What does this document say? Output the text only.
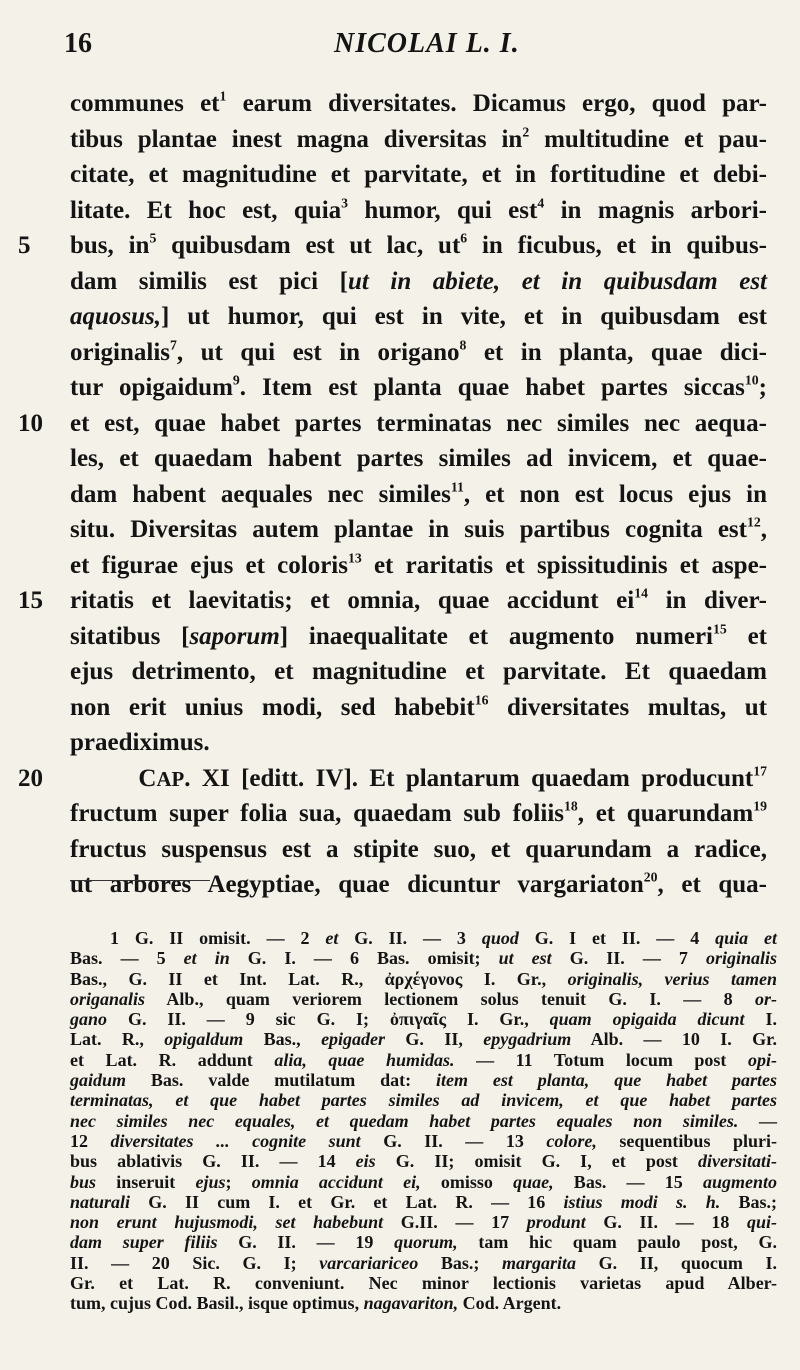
16	NICOLAI L. I.
communes $et^1$ earum diversitates. Dicamus ergo, quod par-
tibus plantae inest magna diversitas $in^2$ multitudine et pau-
citate, et magnitudine et parvitate, et in fortitudine et debi-
litate. Et hoc est, quia$^3$ humor, qui est$^4$ in magnis arbori-
5	bus, $in^5$ quibusdam est ut lac, $ut^6$ in ficubus, et in quibus-
dam similis est pici [ut in abiete, et in quibusdam est
aquosus,] ut humor, qui est in vite, et in quibusdam est
originalis$^7$, ut qui est in origano$^8$ et in planta, quae dici-
tur opigaidum$^9$. Item est planta quae habet partes siccas$^{10}$;
10	et est, quae habet partes terminatas nec similes nec aequa-
les, et quaedam habent partes similes ad invicem, et quae-
dam habent aequales nec similes$^{11}$, et non est locus ejus in
situ. Diversitas autem plantae in suis partibus cognita est$^{12}$,
et figurae ejus et coloris$^{13}$ et raritatis et spissitudinis et aspe-
15	ritatis et laevitatis; et omnia, quae accidunt $ei^{14}$ in diver-
sitatibus [saporum] inaequalitate et augmento numeri$^{15}$ et
ejus detrimento, et magnitudine et parvitate. Et quaedam
non erit unius modi, sed habebit$^{16}$ diversitates multas, ut
praediximus.
20	CAP. XI [editt. IV]. Et plantarum quaedam producunt$^{17}$
fructum super folia sua, quaedam sub foliis$^{18}$, et quarundam$^{19}$
fructus suspensus est a stipite suo, et quarundam a radice,
ut arbores Aegyptiae, quae dicuntur vargariaton$^{20}$, et qua-
1 G. II omisit. — 2 et G. II. — 3 quod G. I et II. — 4 quia et
Bas. — 5 et in G. I. — 6 Bas. omisit; ut est G. II. — 7 originalis
Bas., G. II et Int. Lat. R., ἀρχέγονος I. Gr., originalis, verius tamen
origanalis Alb., quam veriorem lectionem solus tenuit G. I. — 8 or-
gano G. II. — 9 sic G. I; ὀπιγαῖς I. Gr., quam opigaida dicunt I.
Lat. R., opigaldum Bas., epigader G. II, epygadrium Alb. — 10 I. Gr.
et Lat. R. addunt alia, quae humidas. — 11 Totum locum post opi-
gaidum Bas. valde mutilatum dat: item est planta, que habet partes
terminatas, et que habet partes similes ad invicem, et que habet partes
nec similes nec equales, et quedam habet partes equales non similes. —
12 diversitates ... cognite sunt G. II. — 13 colore, sequentibus pluri-
bus ablativis G. II. — 14 eis G. II; omisit G. I, et post diversitati-
bus inseruit ejus; omnia accidunt ei, omisso quae, Bas. — 15 augmento
naturali G. II cum I. et Gr. et Lat. R. — 16 istius modi s. h. Bas.;
non erunt hujusmodi, set habebunt G.II. — 17 produnt G. II. — 18 qui-
dam super filiis G. II. — 19 quorum, tam hic quam paulo post, G.
II. — 20 Sic. G. I; varcariariceo Bas.; margarita G. II, quocum I.
Gr. et Lat. R. conveniunt. Nec minor lectionis varietas apud Alber-
tum, cujus Cod. Basil., isque optimus, nagavariton, Cod. Argent.
